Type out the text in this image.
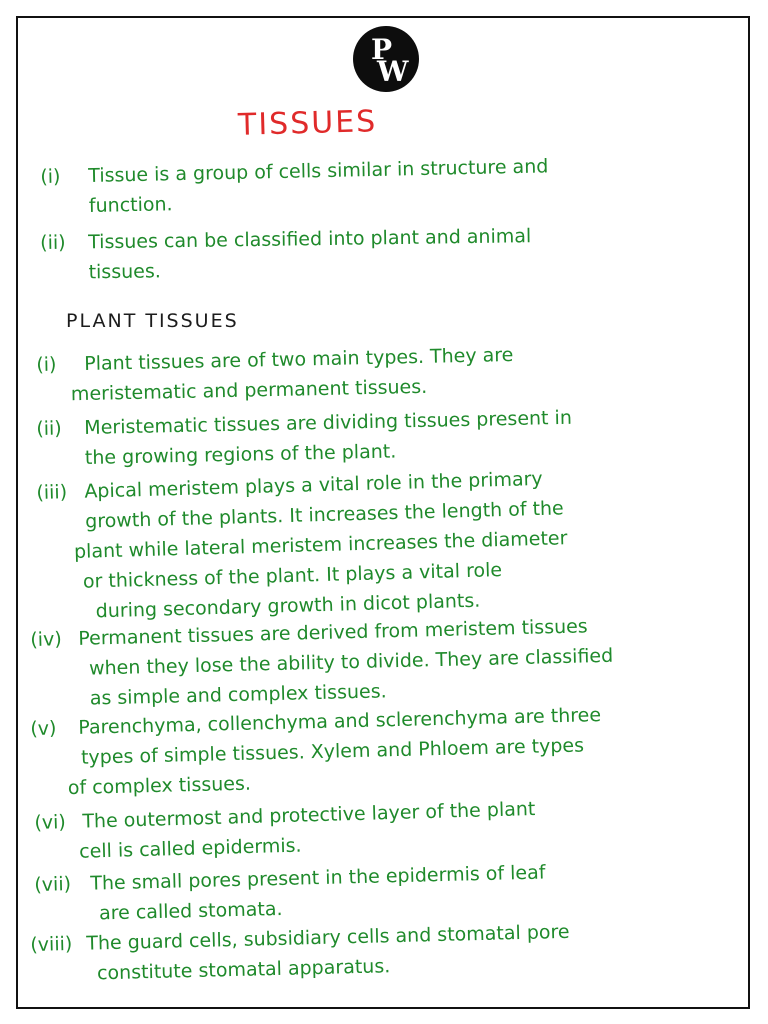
P
W
TISSUES
(i) Tissue is a group of cells similar in structure and
function.
(ii) Tissues can be classified into plant and animal
tissues.
PLANT TISSUES
(i) Plant tissues are of two main types. They are
meristematic and permanent tissues.
(ii) Meristematic tissues are dividing tissues present in
the growing regions of the plant.
(iii) Apical meristem plays a vital role in the primary
growth of the plants. It increases the length of the
plant while lateral meristem increases the diameter
or thickness of the plant. It plays a vital role
during secondary growth in dicot plants.
(iv) Permanent tissues are derived from meristem tissues
when they lose the ability to divide. They are classified
as simple and complex tissues.
(v) Parenchyma, collenchyma and sclerenchyma are three
types of simple tissues. Xylem and Phloem are types
of complex tissues.
(vi) The outermost and protective layer of the plant
cell is called epidermis.
(vii) The small pores present in the epidermis of leaf
are called stomata.
(viii) The guard cells, subsidiary cells and stomatal pore
constitute stomatal apparatus.
